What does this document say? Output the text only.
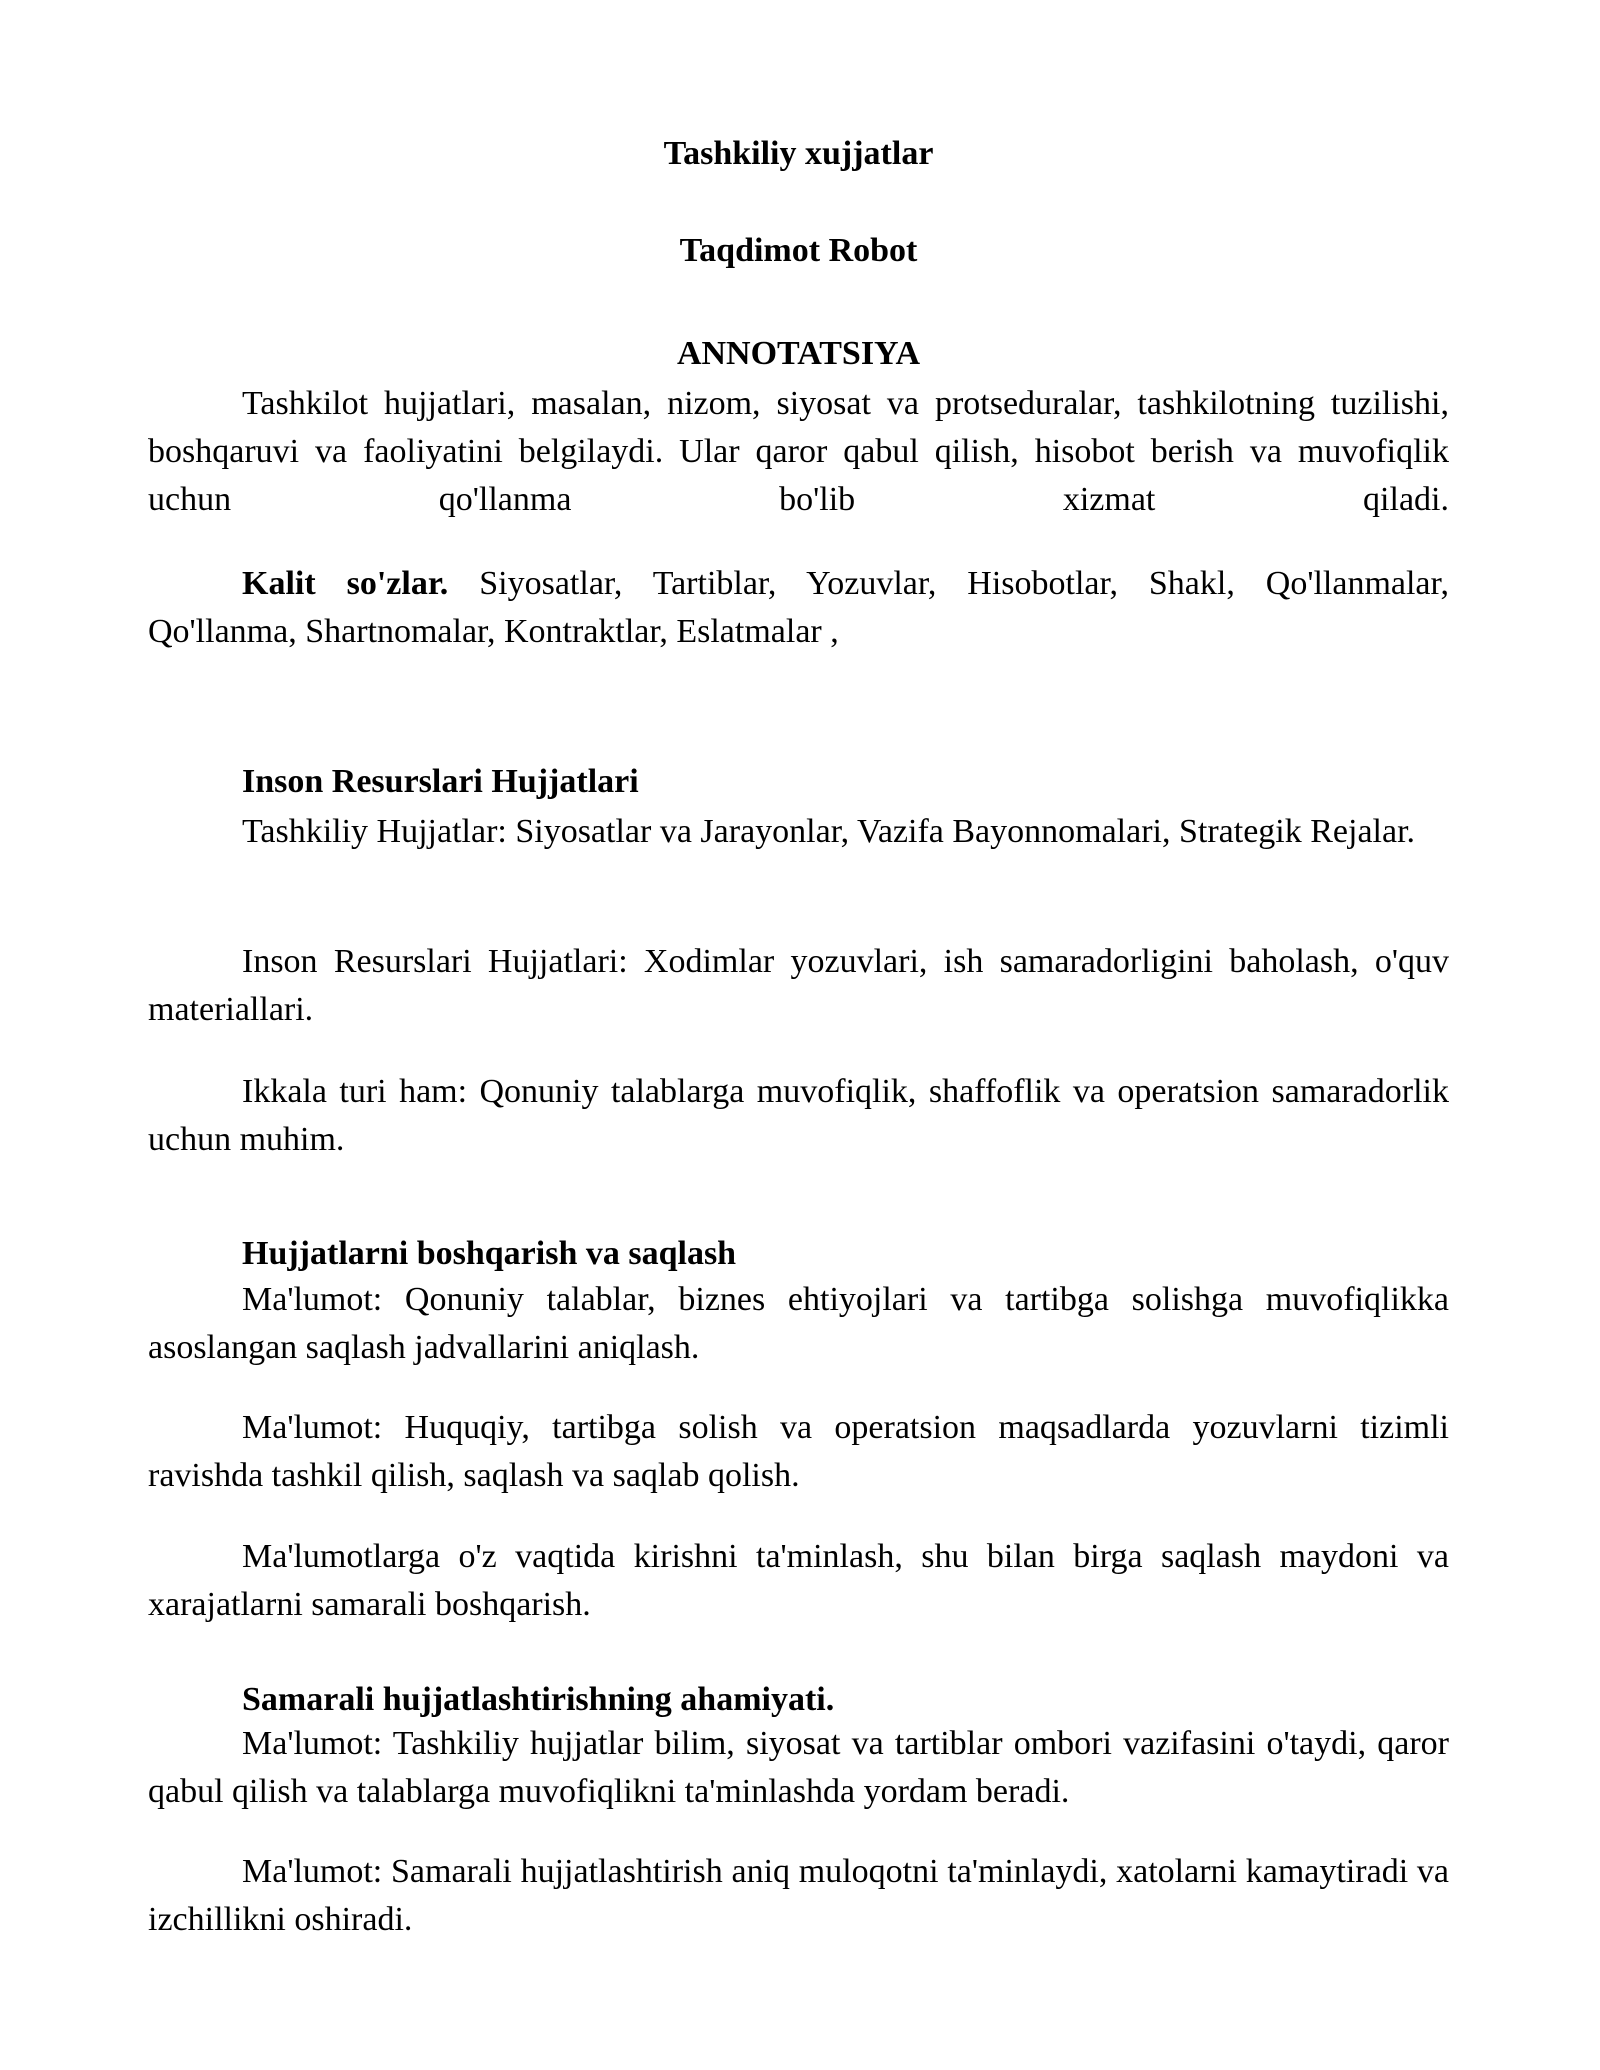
Tashkiliy xujjatlar

Taqdimot Robot

ANNOTATSIYA

Tashkilot hujjatlari, masalan, nizom, siyosat va protseduralar, tashkilotning tuzilishi, boshqaruvi va faoliyatini belgilaydi. Ular qaror qabul qilish, hisobot berish va muvofiqlik uchun qo'llanma bo'lib xizmat qiladi.

Kalit so'zlar. Siyosatlar, Tartiblar, Yozuvlar, Hisobotlar, Shakl, Qo'llanmalar, Qo'llanma, Shartnomalar, Kontraktlar, Eslatmalar ,

Inson Resurslari Hujjatlari

Tashkiliy Hujjatlar: Siyosatlar va Jarayonlar, Vazifa Bayonnomalari, Strategik Rejalar.

Inson Resurslari Hujjatlari: Xodimlar yozuvlari, ish samaradorligini baholash, o'quv materiallari.

Ikkala turi ham: Qonuniy talablarga muvofiqlik, shaffoflik va operatsion samaradorlik uchun muhim.

Hujjatlarni boshqarish va saqlash

Ma'lumot: Qonuniy talablar, biznes ehtiyojlari va tartibga solishga muvofiqlikka asoslangan saqlash jadvallarini aniqlash.

Ma'lumot: Huquqiy, tartibga solish va operatsion maqsadlarda yozuvlarni tizimli ravishda tashkil qilish, saqlash va saqlab qolish.

Ma'lumotlarga o'z vaqtida kirishni ta'minlash, shu bilan birga saqlash maydoni va xarajatlarni samarali boshqarish.

Samarali hujjatlashtirishning ahamiyati.

Ma'lumot: Tashkiliy hujjatlar bilim, siyosat va tartiblar ombori vazifasini o'taydi, qaror qabul qilish va talablarga muvofiqlikni ta'minlashda yordam beradi.

Ma'lumot: Samarali hujjatlashtirish aniq muloqotni ta'minlaydi, xatolarni kamaytiradi va izchillikni oshiradi.
